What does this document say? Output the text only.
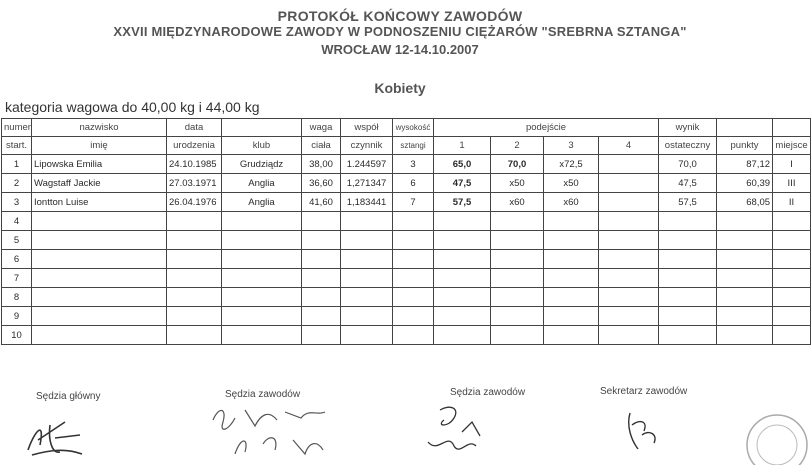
PROTOKÓŁ KOŃCOWY ZAWODÓW
XXVII MIĘDZYNARODOWE ZAWODY W PODNOSZENIU CIĘŻARÓW "SREBRNA SZTANGA"
WROCŁAW 12-14.10.2007
Kobiety
kategoria wagowa do 40,00 kg i 44,00 kg
numer	nazwisko	data		waga	współ	wysokość	podejście				wynik		
start.	imię	urodzenia	klub	ciała	czynnik	sztangi	1	2	3	4	ostateczny	punkty	miejsce
1	Lipowska Emilia	24.10.1985	Grudziądz	38,00	1.244597	3	65,0	70,0	x72,5		70,0	87,12	I
2	Wagstaff Jackie	27.03.1971	Anglia	36,60	1,271347	6	47,5	x50	x50		47,5	60,39	III
3	Iontton Luise	26.04.1976	Anglia	41,60	1,183441	7	57,5	x60	x60		57,5	68,05	II
4													
5													
6													
7													
8													
9													
10													
Sędzia główny	Sędzia zawodów	Sędzia zawodów	Sekretarz zawodów
